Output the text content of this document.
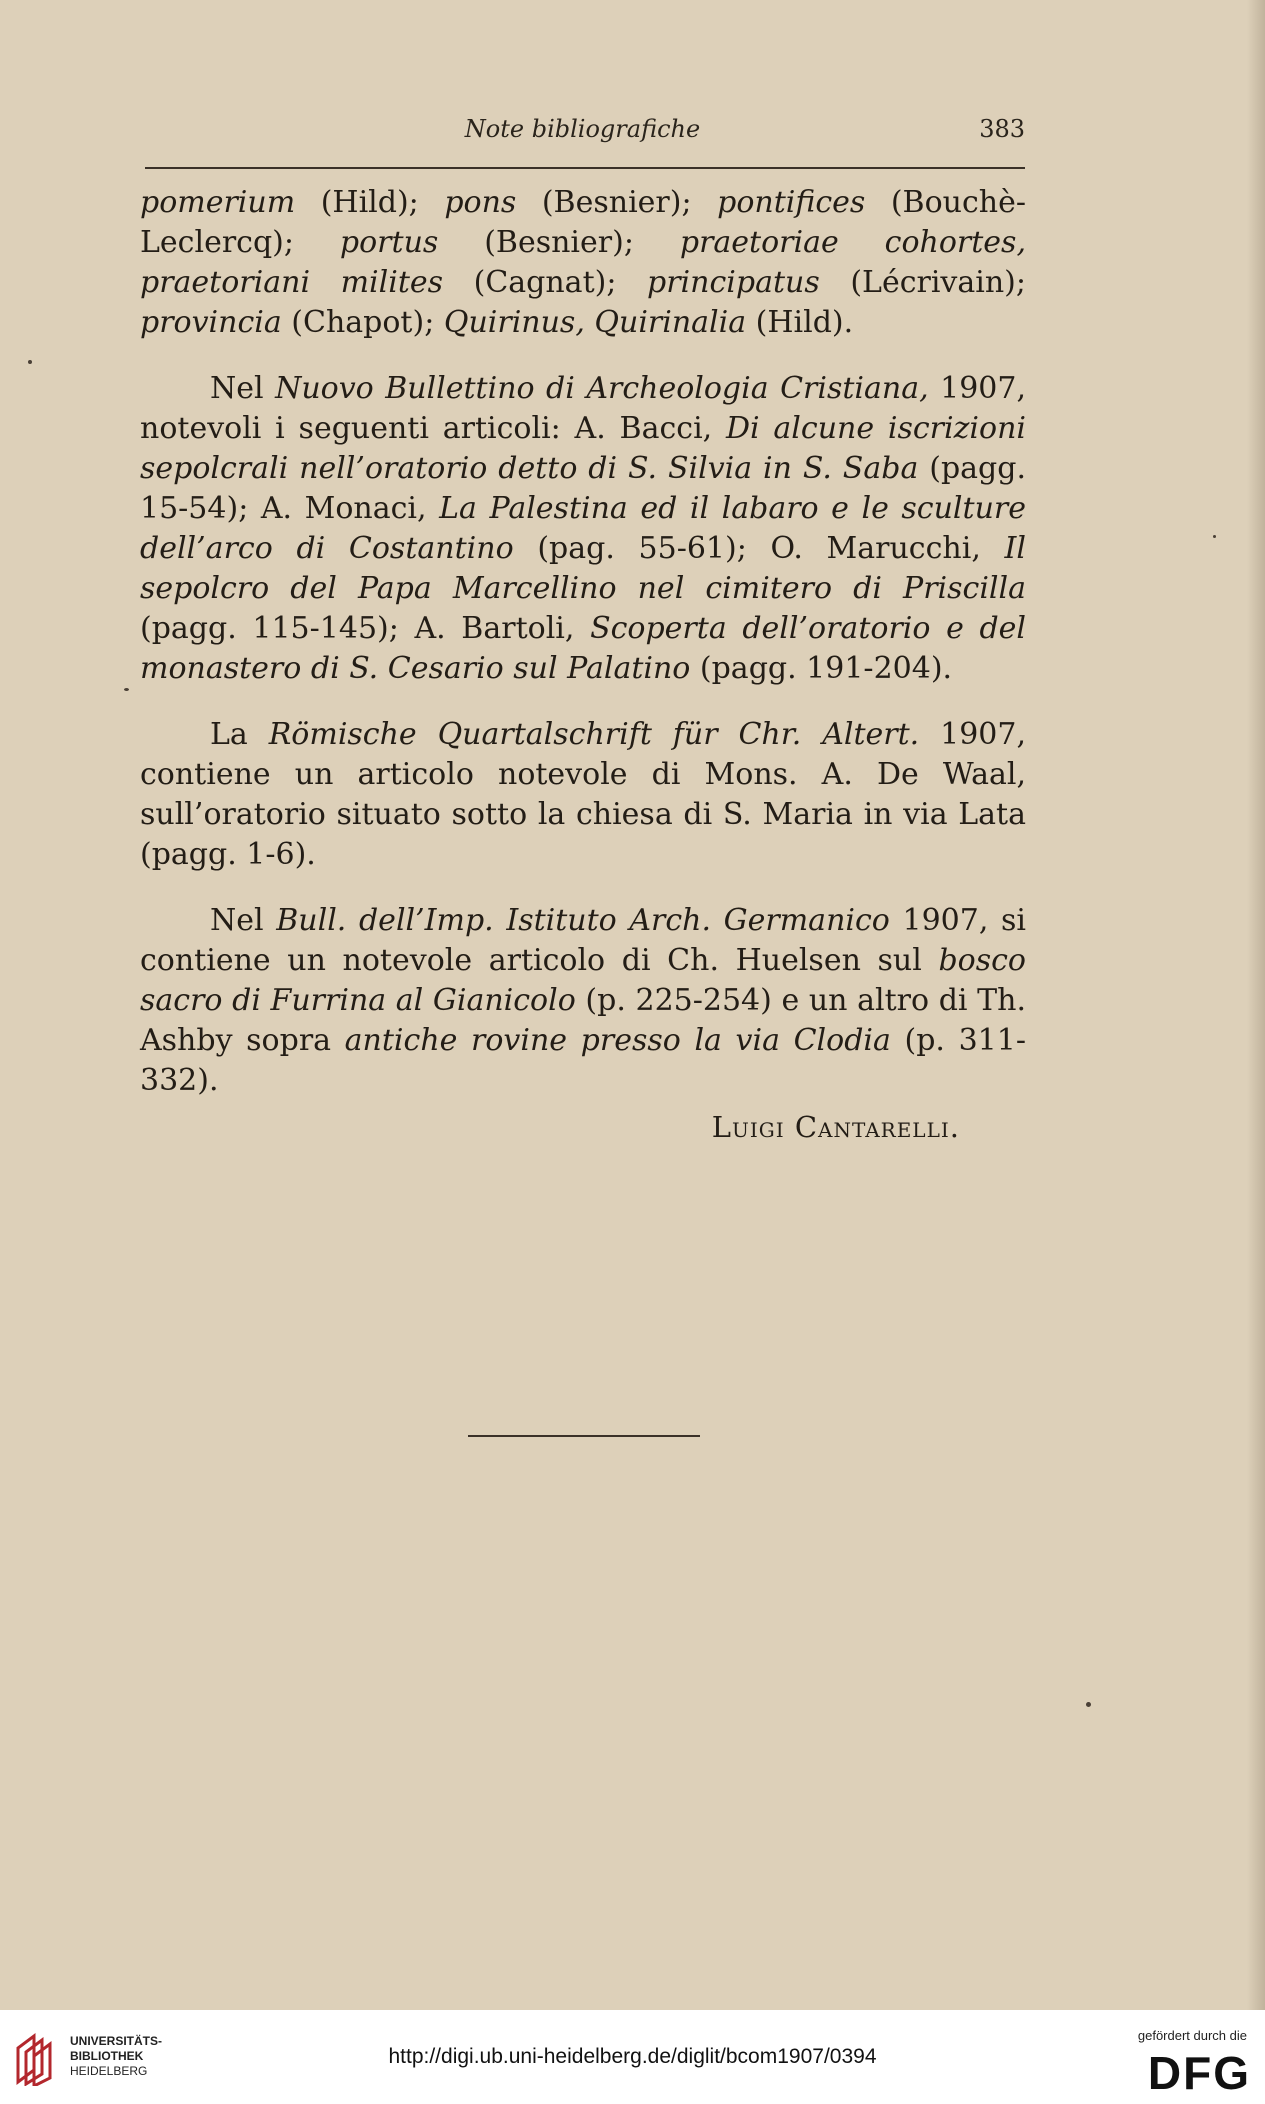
Note bibliografiche	383

pomerium (Hild); pons (Besnier); pontifices (Bouchè-Leclercq); portus (Besnier); praetoriae cohortes, praetoriani milites (Cagnat); principatus (Lécrivain); provincia (Chapot); Quirinus, Quirinalia (Hild).

Nel Nuovo Bullettino di Archeologia Cristiana, 1907, notevoli i seguenti articoli: A. Bacci, Di alcune iscrizioni sepolcrali nell’oratorio detto di S. Silvia in S. Saba (pagg. 15-54); A. Monaci, La Palestina ed il labaro e le sculture dell’arco di Costantino (pag. 55-61); O. Marucchi, Il sepolcro del Papa Marcellino nel cimitero di Priscilla (pagg. 115-145); A. Bartoli, Scoperta dell’oratorio e del monastero di S. Cesario sul Palatino (pagg. 191-204).

La Römische Quartalschrift für Chr. Altert. 1907, contiene un articolo notevole di Mons. A. De Waal, sull’oratorio situato sotto la chiesa di S. Maria in via Lata (pagg. 1-6).

Nel Bull. dell’Imp. Istituto Arch. Germanico 1907, si contiene un notevole articolo di Ch. Huelsen sul bosco sacro di Furrina al Gianicolo (p. 225-254) e un altro di Th. Ashby sopra antiche rovine presso la via Clodia (p. 311-332).

Luigi Cantarelli.
UNIVERSITÄTS-
BIBLIOTHEK
HEIDELBERG
http://digi.ub.uni-heidelberg.de/diglit/bcom1907/0394
gefördert durch die
DFG
